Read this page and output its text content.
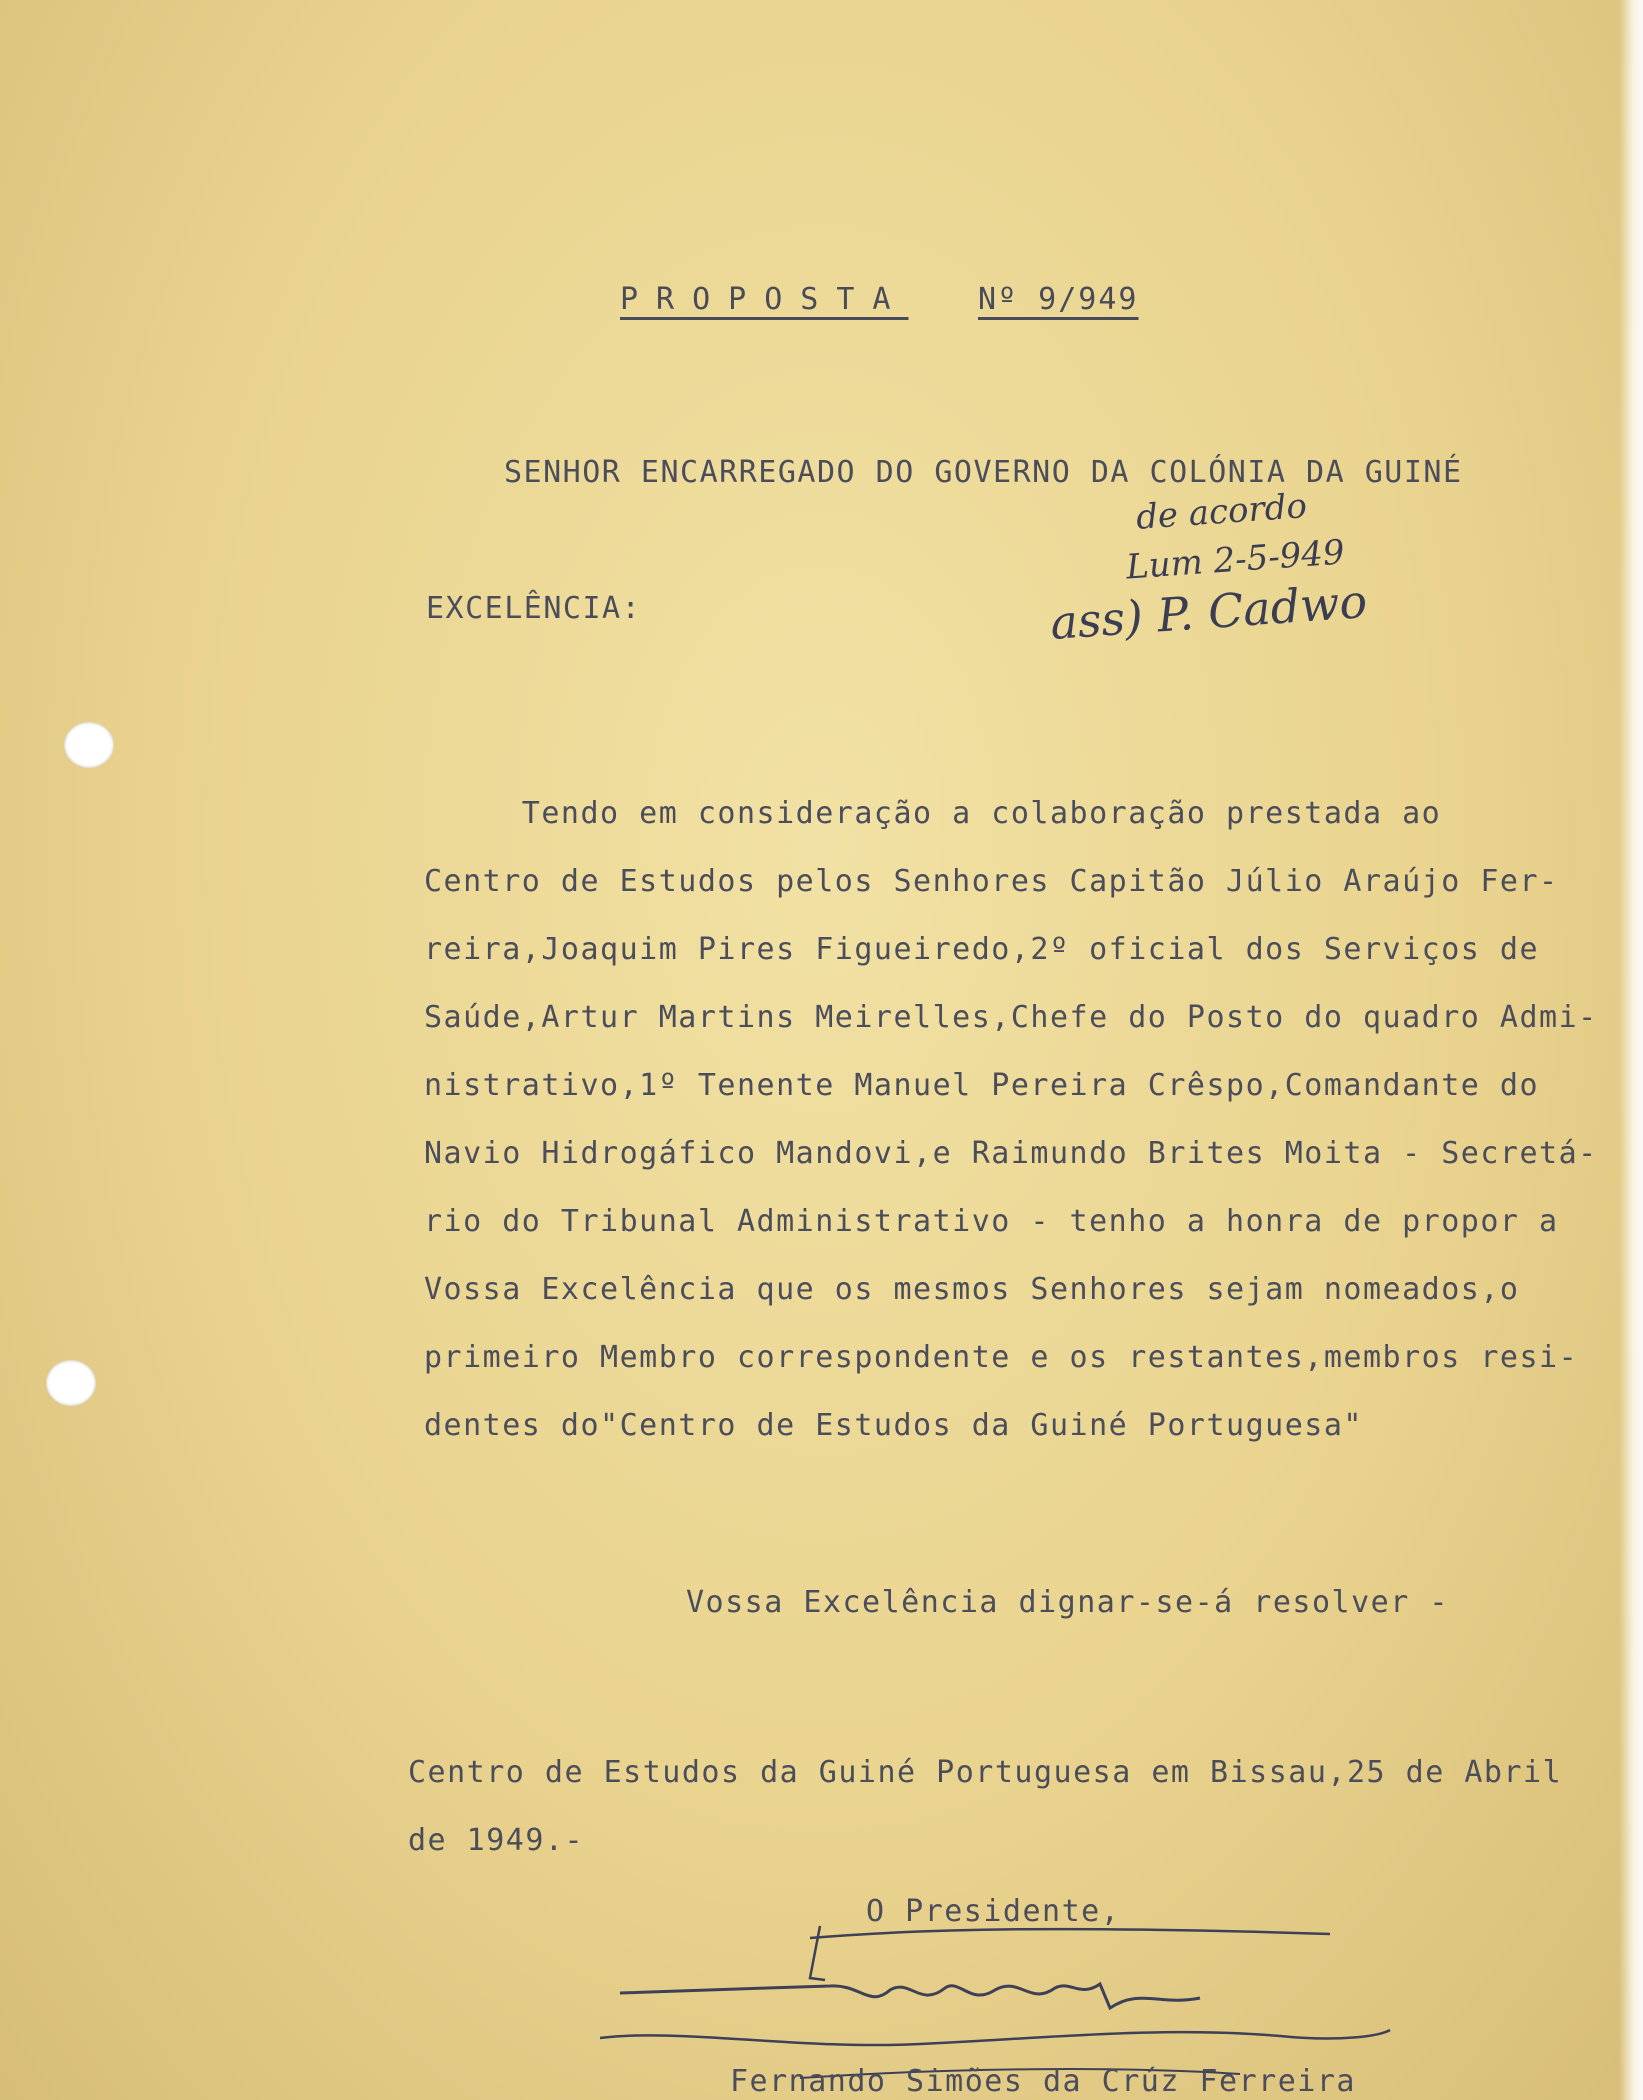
PROPOSTA Nº 9/949
SENHOR ENCARREGADO DO GOVERNO DA COLÓNIA DA GUINÉ
de acordo
Lum 2-5-949
ass) P. Cadwo
EXCELÊNCIA:
Tendo em consideração a colaboração prestada ao
Centro de Estudos pelos Senhores Capitão Júlio Araújo Fer-
reira,Joaquim Pires Figueiredo,2º oficial dos Serviços de
Saúde,Artur Martins Meirelles,Chefe do Posto do quadro Admi-
nistrativo,1º Tenente Manuel Pereira Crêspo,Comandante do
Navio Hidrogáfico Mandovi,e Raimundo Brites Moita - Secretá-
rio do Tribunal Administrativo - tenho a honra de propor a
Vossa Excelência que os mesmos Senhores sejam nomeados,o
primeiro Membro correspondente e os restantes,membros resi-
dentes do"Centro de Estudos da Guiné Portuguesa"
Vossa Excelência dignar-se-á resolver -
Centro de Estudos da Guiné Portuguesa em Bissau,25 de Abril
de 1949.-
O Presidente,
Fernando Simões da Crúz Ferreira
